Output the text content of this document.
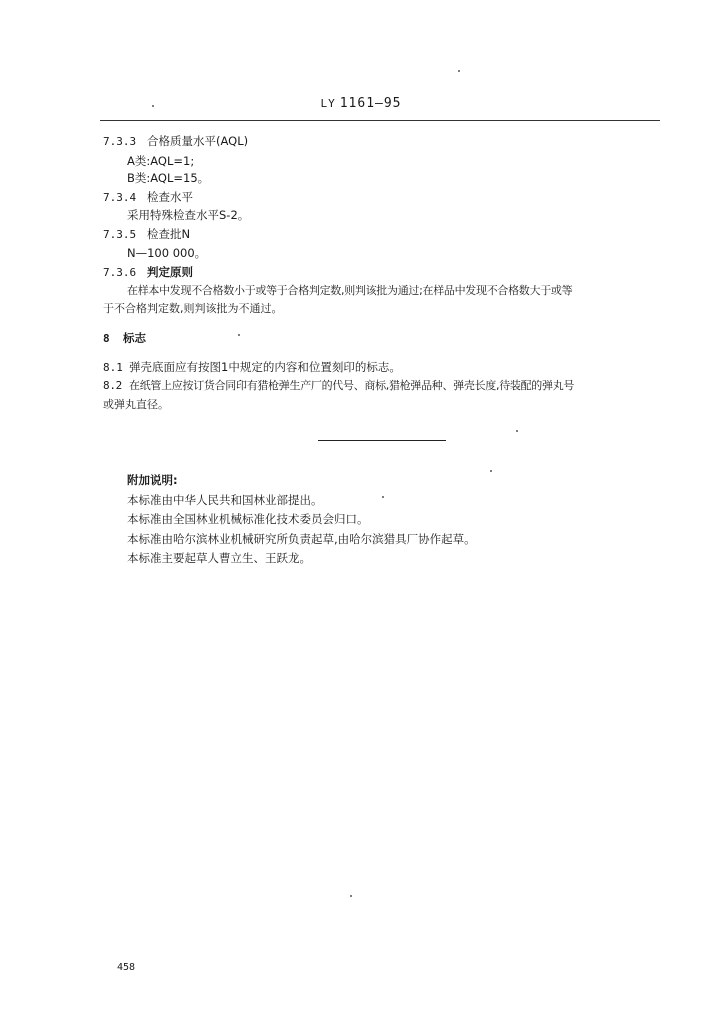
LY 1161—95
7.3.3 合格质量水平(AQL)
A类:AQL=1;
B类:AQL=15。
7.3.4 检查水平
采用特殊检查水平S-2。
7.3.5 检查批N
N—100 000。
7.3.6 判定原则
在样本中发现不合格数小于或等于合格判定数,则判该批为通过;在样品中发现不合格数大于或等
于不合格判定数,则判该批为不通过。
8 标志
8.1 弹壳底面应有按图1中规定的内容和位置刻印的标志。
8.2 在纸管上应按订货合同印有猎枪弹生产厂的代号、商标,猎枪弹品种、弹壳长度,待装配的弹丸号
或弹丸直径。
附加说明:
本标准由中华人民共和国林业部提出。
本标准由全国林业机械标准化技术委员会归口。
本标准由哈尔滨林业机械研究所负责起草,由哈尔滨猎具厂协作起草。
本标准主要起草人曹立生、王跃龙。
458
